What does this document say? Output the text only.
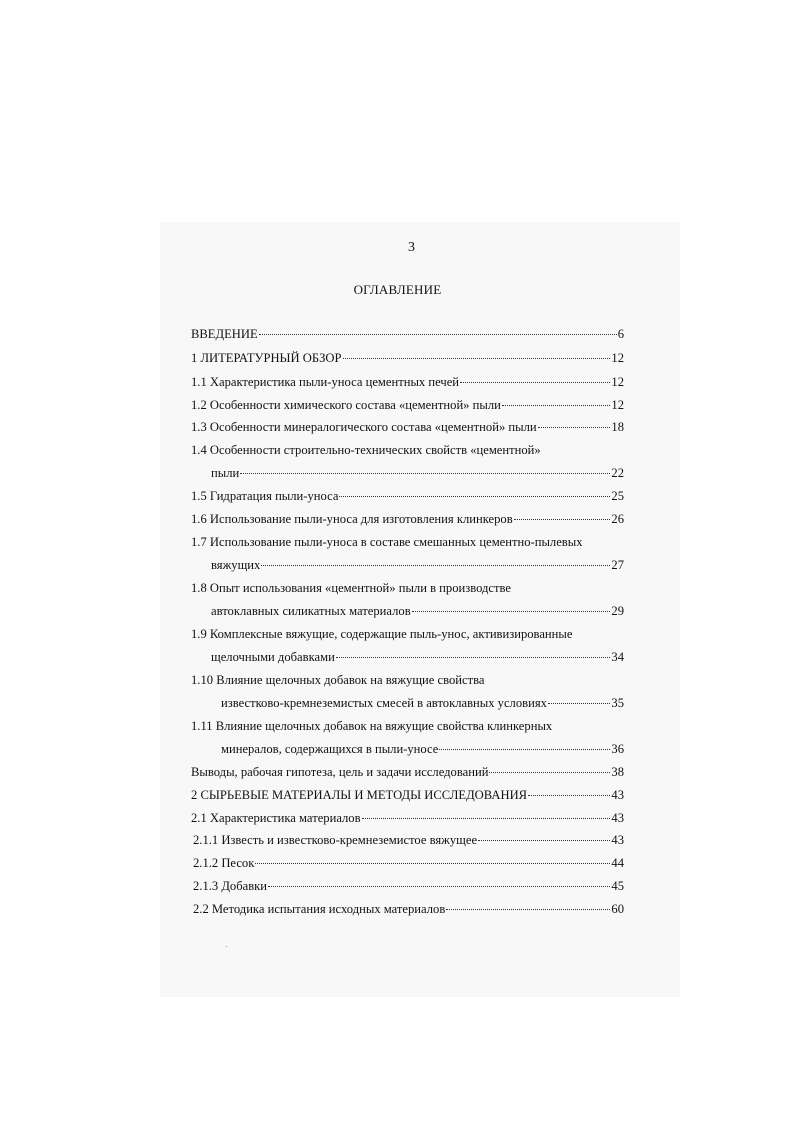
3
ОГЛАВЛЕНИЕ
ВВЕДЕНИЕ	6
1 ЛИТЕРАТУРНЫЙ ОБЗОР	12
1.1 Характеристика пыли-уноса цементных печей	12
1.2 Особенности химического состава «цементной» пыли	12
1.3 Особенности минералогического состава «цементной» пыли	18
1.4 Особенности строительно-технических свойств «цементной»
пыли	22
1.5 Гидратация пыли-уноса	25
1.6 Использование пыли-уноса для изготовления клинкеров	26
1.7 Использование пыли-уноса в составе смешанных цементно-пылевых
вяжущих	27
1.8 Опыт использования «цементной» пыли в производстве
автоклавных силикатных материалов	29
1.9 Комплексные вяжущие, содержащие пыль-унос, активизированные
щелочными добавками	34
1.10 Влияние щелочных добавок на вяжущие свойства
известково-кремнеземистых смесей в автоклавных условиях	35
1.11 Влияние щелочных добавок на вяжущие свойства клинкерных
минералов, содержащихся в пыли-уносе	36
Выводы, рабочая гипотеза, цель и задачи исследований	38
2 СЫРЬЕВЫЕ МАТЕРИАЛЫ И МЕТОДЫ ИССЛЕДОВАНИЯ	43
2.1 Характеристика материалов	43
2.1.1 Известь и известково-кремнеземистое вяжущее	43
2.1.2 Песок	44
2.1.3 Добавки	45
2.2 Методика испытания исходных материалов	60
